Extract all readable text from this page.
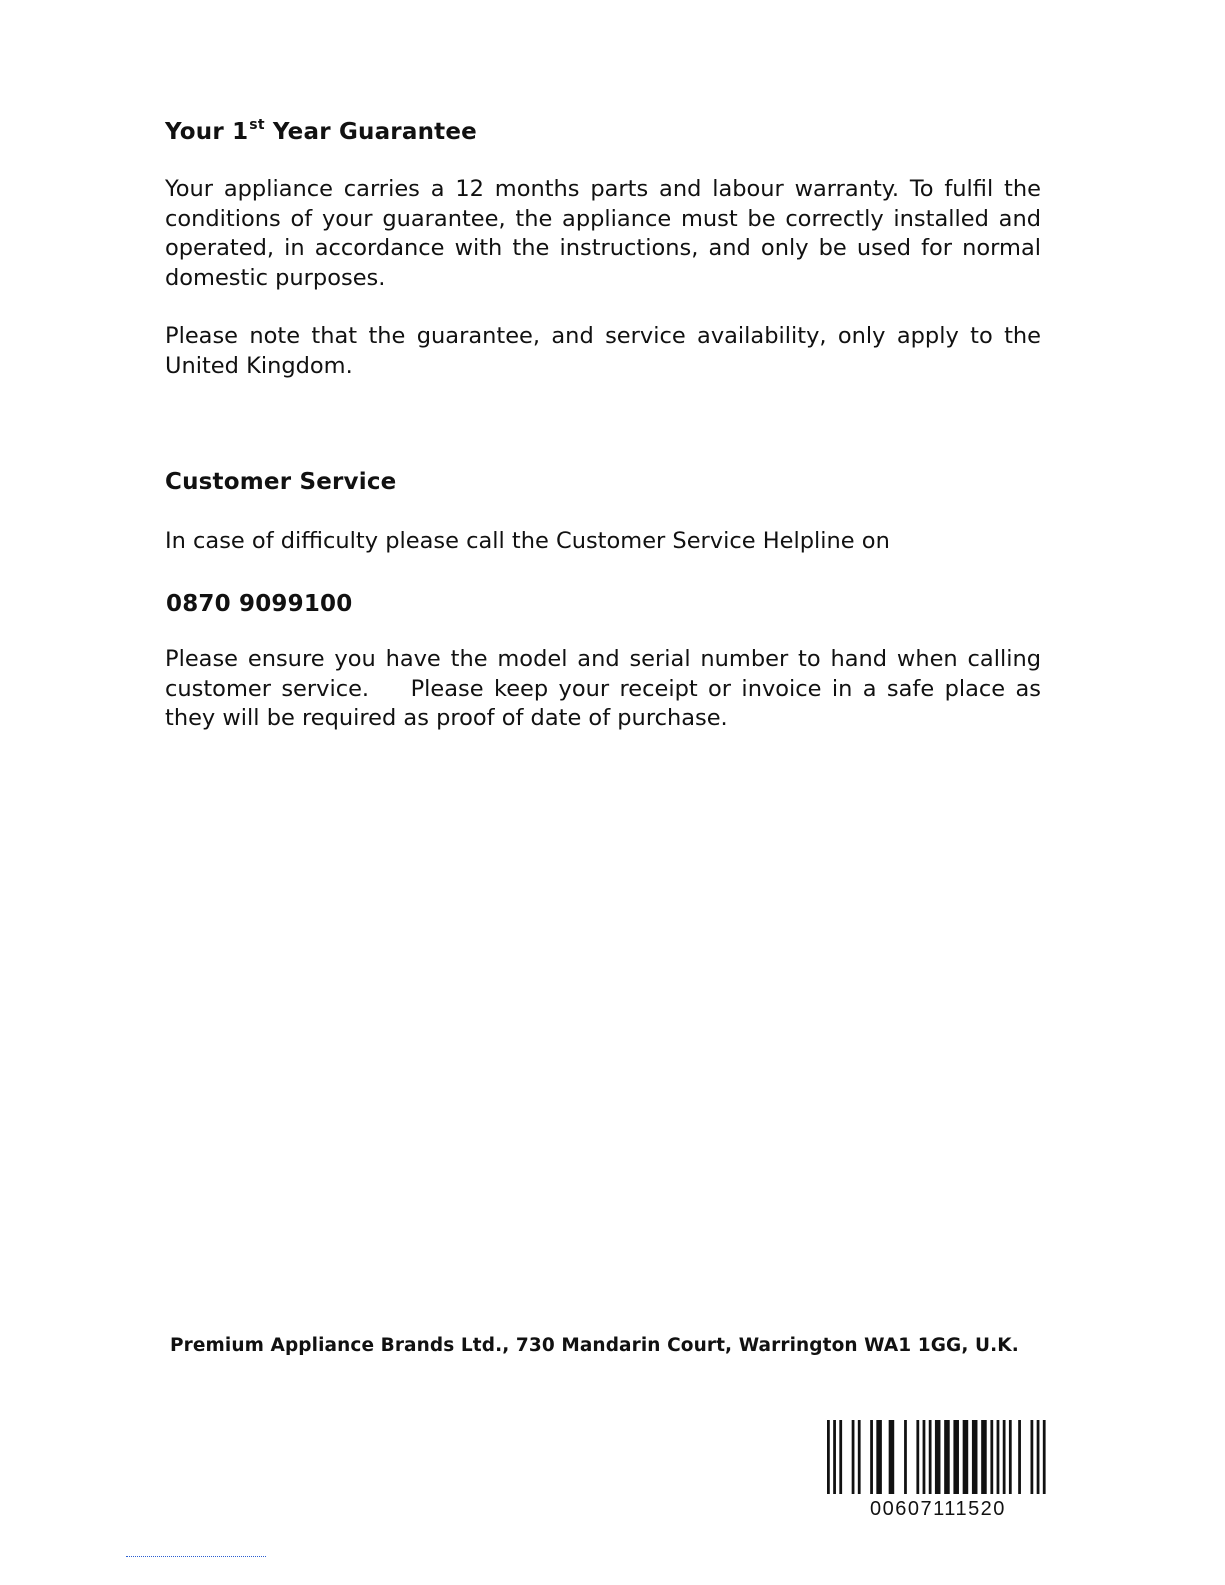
Your 1st Year Guarantee

Your appliance carries a 12 months parts and labour warranty. To fulfil the
conditions of your guarantee, the appliance must be correctly installed and
operated, in accordance with the instructions, and only be used for normal
domestic purposes.

Please note that the guarantee, and service availability, only apply to the
United Kingdom.

Customer Service

In case of difficulty please call the Customer Service Helpline on

0870 9099100

Please ensure you have the model and serial number to hand when calling
customer service.    Please keep your receipt or invoice in a safe place as
they will be required as proof of date of purchase.

Premium Appliance Brands Ltd., 730 Mandarin Court, Warrington WA1 1GG, U.K.
00607111520
